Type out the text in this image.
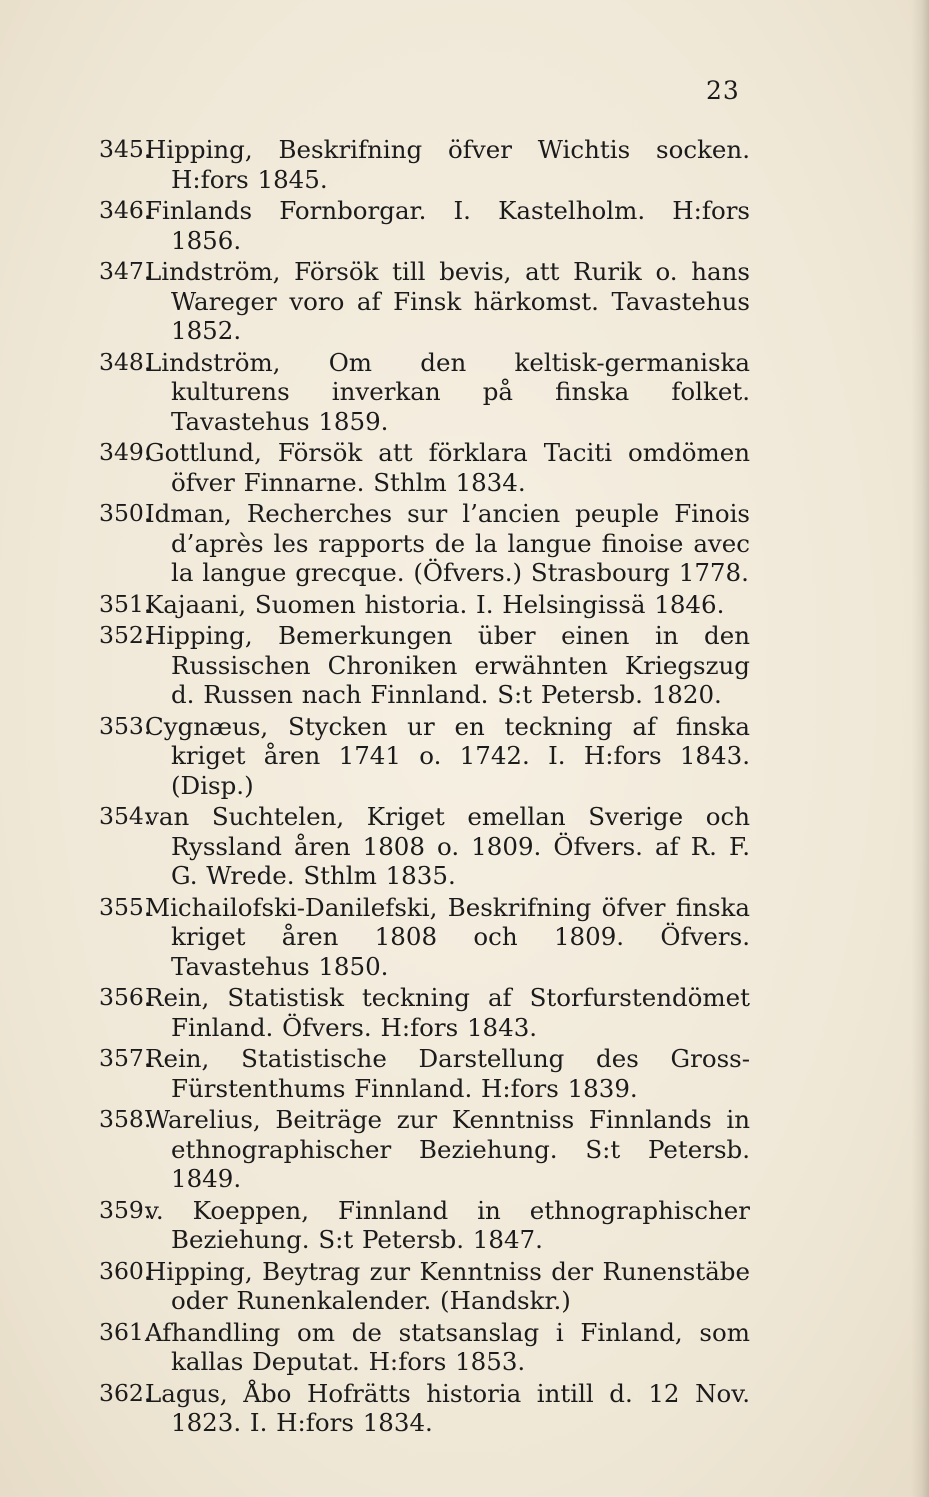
23
345.
Hipping, Beskrifning öfver Wichtis socken. H:fors 1845.
346.
Finlands Fornborgar. I. Kastelholm. H:fors 1856.
347.
Lindström, Försök till bevis, att Rurik o. hans Wareger voro af Finsk härkomst. Tavastehus 1852.
348.
Lindström, Om den keltisk-germaniska kulturens inverkan på finska folket. Tavastehus 1859.
349.
Gottlund, Försök att förklara Taciti omdömen öfver Finnarne. Sthlm 1834.
350.
Idman, Recherches sur l’ancien peuple Finois d’après les rapports de la langue finoise avec la langue grecque. (Öfvers.) Strasbourg 1778.
351.
Kajaani, Suomen historia. I. Helsingissä 1846.
352.
Hipping, Bemerkungen über einen in den Russischen Chroniken erwähnten Kriegszug d. Russen nach Finnland. S:t Petersb. 1820.
353.
Cygnæus, Stycken ur en teckning af finska kriget åren 1741 o. 1742. I. H:fors 1843. (Disp.)
354.
van Suchtelen, Kriget emellan Sverige och Ryssland åren 1808 o. 1809. Öfvers. af R. F. G. Wrede. Sthlm 1835.
355.
Michailofski-Danilefski, Beskrifning öfver finska kriget åren 1808 och 1809. Öfvers. Tavastehus 1850.
356.
Rein, Statistisk teckning af Storfurstendömet Finland. Öfvers. H:fors 1843.
357.
Rein, Statistische Darstellung des Gross-Fürstenthums Finnland. H:fors 1839.
358.
Warelius, Beiträge zur Kenntniss Finnlands in ethnographischer Beziehung. S:t Petersb. 1849.
359.
v. Koeppen, Finnland in ethnographischer Beziehung. S:t Petersb. 1847.
360.
Hipping, Beytrag zur Kenntniss der Runenstäbe oder Runenkalender. (Handskr.)
361.
Afhandling om de statsanslag i Finland, som kallas Deputat. H:fors 1853.
362.
Lagus, Åbo Hofrätts historia intill d. 12 Nov. 1823. I. H:fors 1834.
